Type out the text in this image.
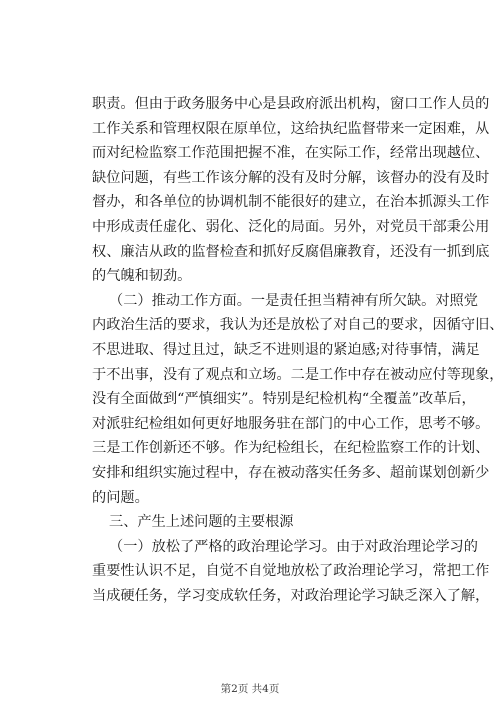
职责。但由于政务服务中心是县政府派出机构，窗口工作人员的
工作关系和管理权限在原单位，这给执纪监督带来一定困难，从
而对纪检监察工作范围把握不准，在实际工作，经常出现越位、
缺位问题，有些工作该分解的没有及时分解，该督办的没有及时
督办，和各单位的协调机制不能很好的建立，在治本抓源头工作
中形成责任虚化、弱化、泛化的局面。另外，对党员干部秉公用
权、廉洁从政的监督检查和抓好反腐倡廉教育，还没有一抓到底
的气魄和韧劲。
（二）推动工作方面。一是责任担当精神有所欠缺。对照党
内政治生活的要求，我认为还是放松了对自己的要求，因循守旧、
不思进取、得过且过，缺乏不进则退的紧迫感;对待事情，满足
于不出事，没有了观点和立场。二是工作中存在被动应付等现象，
没有全面做到“严慎细实”。特别是纪检机构“全覆盖”改革后，
对派驻纪检组如何更好地服务驻在部门的中心工作，思考不够。
三是工作创新还不够。作为纪检组长，在纪检监察工作的计划、
安排和组织实施过程中，存在被动落实任务多、超前谋划创新少
的问题。
三、产生上述问题的主要根源
（一）放松了严格的政治理论学习。由于对政治理论学习的
重要性认识不足，自觉不自觉地放松了政治理论学习，常把工作
当成硬任务，学习变成软任务，对政治理论学习缺乏深入了解，
第2页 共4页
